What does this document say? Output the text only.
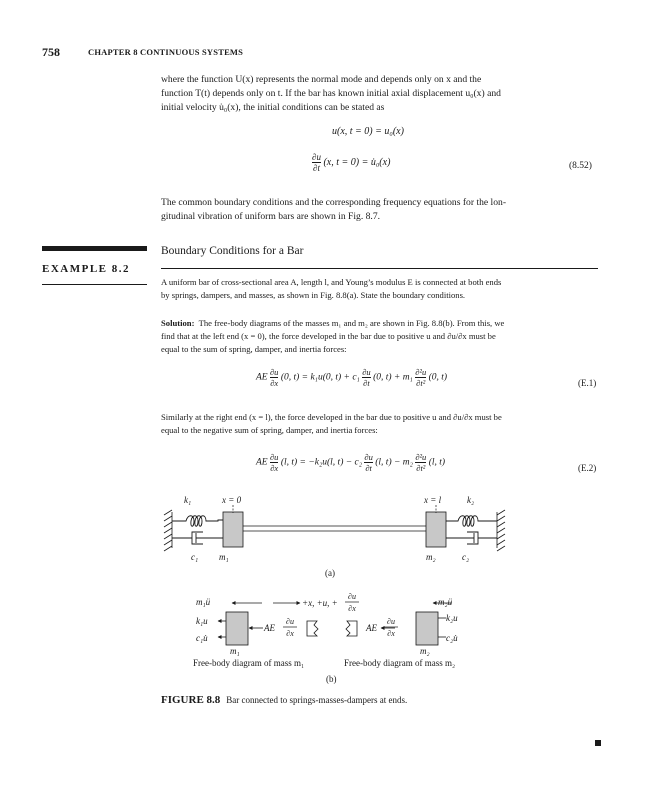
758	CHAPTER 8 CONTINUOUS SYSTEMS
where the function U(x) represents the normal mode and depends only on x and the
function T(t) depends only on t. If the bar has known initial axial displacement u₀(x) and
initial velocity u̇₀(x), the initial conditions can be stated as
u(x, t = 0) = u₀(x)
$\frac{\partial u}{\partial t} (x$, t = 0) = u̇₀(x)	(8.52)
The common boundary conditions and the corresponding frequency equations for the lon-
gitudinal vibration of uniform bars are shown in Fig. 8.7.
EXAMPLE 8.2
Boundary Conditions for a Bar
A uniform bar of cross-sectional area A, length l, and Young’s modulus E is connected at both ends
by springs, dampers, and masses, as shown in Fig. 8.8(a). State the boundary conditions.
Solution: The free-body diagrams of the masses m₁ and m₂ are shown in Fig. 8.8(b). From this, we
find that at the left end (x = 0), the force developed in the bar due to positive u and ∂u/∂x must be
equal to the sum of spring, damper, and inertia forces:
AE $\frac{\partial u}{\partial x} (0$, t) = k₁u(0, $t) + c_1 \frac{\partial u}{\partial t} (0$, $t) + m_1 \frac{\text{∂²u}}{\text{∂t²}} (0$, t)
(E.1)
Similarly at the right end (x = l), the force developed in the bar due to positive u and ∂u/∂x must be
equal to the negative sum of spring, damper, and inertia forces:
AE $\frac{\partial u}{\partial x} (l$, t) = −k₂u(l, $t) - c_2 \frac{\partial u}{\partial t} (l$, $t) - m_2 \frac{\text{∂²u}}{\text{∂t²}} (l$, t)
(E.2)
k₁	x = 0	x = l	k₂
c₁ m₁	m₂	c₂
(a)
m₁ü
k₁u
c₁u̇
m₂ü
k₂u
c₂u̇
AE	AE
+x, +u, +
∂u
∂x
∂u
∂x
∂u
∂x
m₁	m₂
Free-body diagram of mass m₁	Free-body diagram of mass m₂
(b)
FIGURE 8.8 Bar connected to springs-masses-dampers at ends.
